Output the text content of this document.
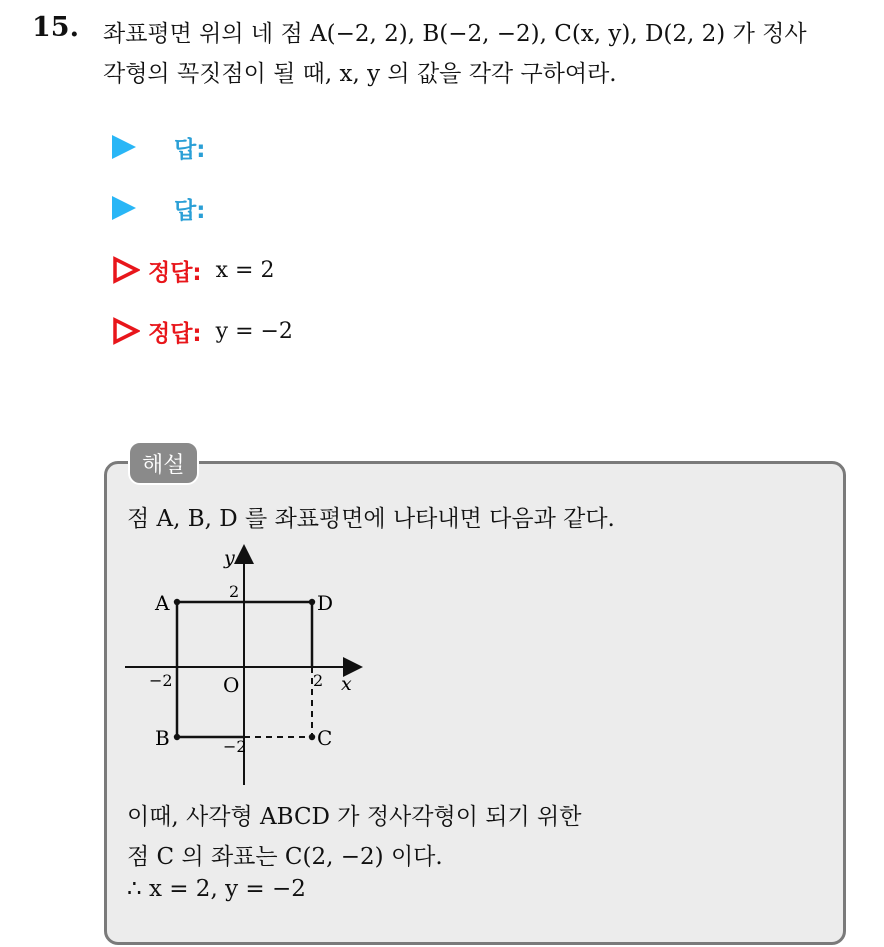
15. 좌표평면 위의 네 점 A(−2, 2), B(−2, −2), C(x, y), D(2, 2) 가 정사
각형의 꼭짓점이 될 때, x, y 의 값을 각각 구하여라.
답:
답:
정답: x = 2
정답: y = −2
해설
점 A, B, D 를 좌표평면에 나타내면 다음과 같다.
y
x
O
2
−2
−2	2
A	D
B	C
이때, 사각형 ABCD 가 정사각형이 되기 위한
점 C 의 좌표는 C(2, −2) 이다.
∴ x = 2, y = −2
